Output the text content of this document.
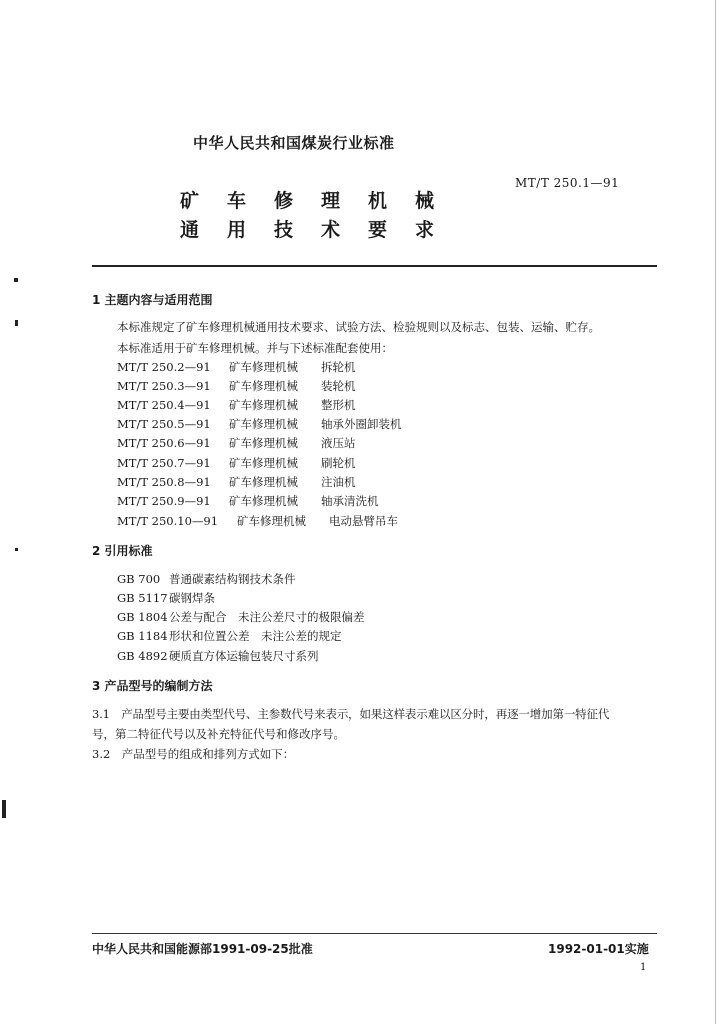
中华人民共和国煤炭行业标准
MT/T 250.1—91
矿 车 修 理 机 械
通 用 技 术 要 求
1 主题内容与适用范围
本标准规定了矿车修理机械通用技术要求、试验方法、检验规则以及标志、包装、运输、贮存。
本标准适用于矿车修理机械。并与下述标准配套使用：
MT/T 250.2—91 矿车修理机械 拆轮机
MT/T 250.3—91 矿车修理机械 装轮机
MT/T 250.4—91 矿车修理机械 整形机
MT/T 250.5—91 矿车修理机械 轴承外圈卸装机
MT/T 250.6—91 矿车修理机械 液压站
MT/T 250.7—91 矿车修理机械 刷轮机
MT/T 250.8—91 矿车修理机械 注油机
MT/T 250.9—91 矿车修理机械 轴承清洗机
MT/T 250.10—91 矿车修理机械 电动悬臂吊车
2 引用标准
GB 700 普通碳素结构钢技术条件
GB 5117碳钢焊条
GB 1804公差与配合　未注公差尺寸的极限偏差
GB 1184形状和位置公差　未注公差的规定
GB 4892硬质直方体运输包装尺寸系列
3 产品型号的编制方法
3.1　产品型号主要由类型代号、主参数代号来表示，如果这样表示难以区分时，再逐一增加第一特征代
号，第二特征代号以及补充特征代号和修改序号。
3.2　产品型号的组成和排列方式如下：
中华人民共和国能源部1991-09-25批准	1992-01-01实施
1
